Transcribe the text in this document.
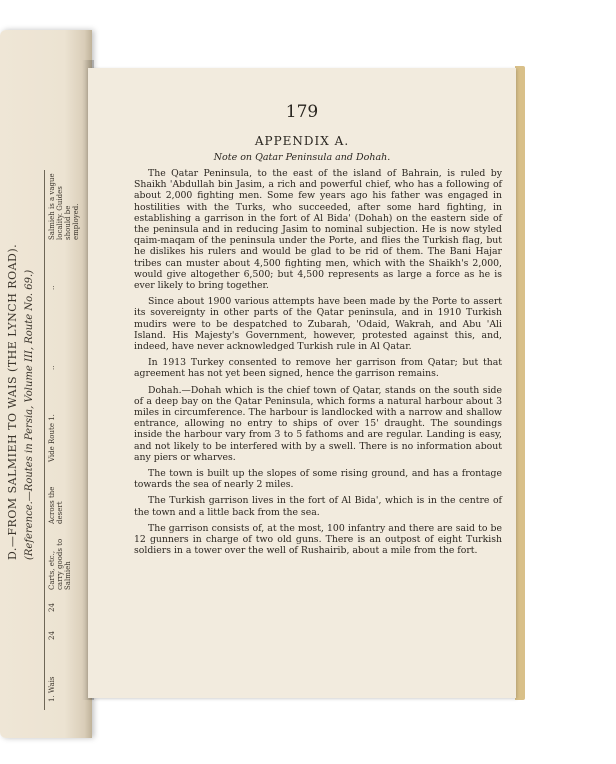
D.—FROM SALMIEH TO WAIS (THE LYNCH ROAD). (Reference.—Routes in Persia, Volume III, Route No. 69.)
1. Wais
24
24
Carts, etc., carry goods to Salmieh
Across the desert
Vide Route 1.
..
..
Salmieh is a vague locality. Guides should be employed.
179
APPENDIX A.
Note on Qatar Peninsula and Dohah.

The Qatar Peninsula, to the east of the island of Bahrain, is ruled by Shaikh 'Abdullah bin Jasim, a rich and powerful chief, who has a following of about 2,000 fighting men. Some few years ago his father was engaged in hostilities with the Turks, who succeeded, after some hard fighting, in establishing a garrison in the fort of Al Bida' (Dohah) on the eastern side of the peninsula and in reducing Jasim to nominal subjection. He is now styled qaim-maqam of the peninsula under the Porte, and flies the Turkish flag, but he dislikes his rulers and would be glad to be rid of them. The Bani Hajar tribes can muster about 4,500 fighting men, which with the Shaikh's 2,000, would give altogether 6,500; but 4,500 represents as large a force as he is ever likely to bring together.

Since about 1900 various attempts have been made by the Porte to assert its sovereignty in other parts of the Qatar peninsula, and in 1910 Turkish mudirs were to be despatched to Zubarah, 'Odaid, Wakrah, and Abu 'Ali Island. His Majesty's Government, however, protested against this, and, indeed, have never acknowledged Turkish rule in Al Qatar.

In 1913 Turkey consented to remove her garrison from Qatar; but that agreement has not yet been signed, hence the garrison remains.

Dohah.—Dohah which is the chief town of Qatar, stands on the south side of a deep bay on the Qatar Peninsula, which forms a natural harbour about 3 miles in circumference. The harbour is landlocked with a narrow and shallow entrance, allowing no entry to ships of over 15' draught. The soundings inside the harbour vary from 3 to 5 fathoms and are regular. Landing is easy, and not likely to be interfered with by a swell. There is no information about any piers or wharves.

The town is built up the slopes of some rising ground, and has a frontage towards the sea of nearly 2 miles.

The Turkish garrison lives in the fort of Al Bida', which is in the centre of the town and a little back from the sea.

The garrison consists of, at the most, 100 infantry and there are said to be 12 gunners in charge of two old guns. There is an outpost of eight Turkish soldiers in a tower over the well of Rushairib, about a mile from the fort.
